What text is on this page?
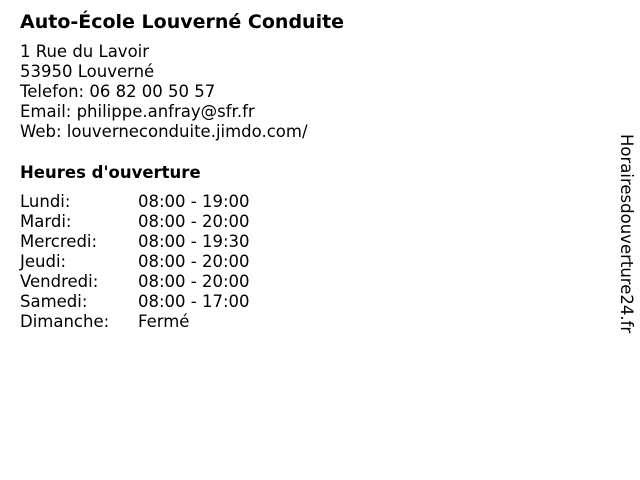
Auto-École Louverné Conduite
1 Rue du Lavoir
53950 Louverné
Telefon: 06 82 00 50 57
Email: philippe.anfray@sfr.fr
Web: louverneconduite.jimdo.com/
Heures d'ouverture
Lundi:	08:00 - 19:00
Mardi:	08:00 - 20:00
Mercredi:	08:00 - 19:30
Jeudi:	08:00 - 20:00
Vendredi:	08:00 - 20:00
Samedi:	08:00 - 17:00
Dimanche:	Fermé	Horairesdouverture24.fr
